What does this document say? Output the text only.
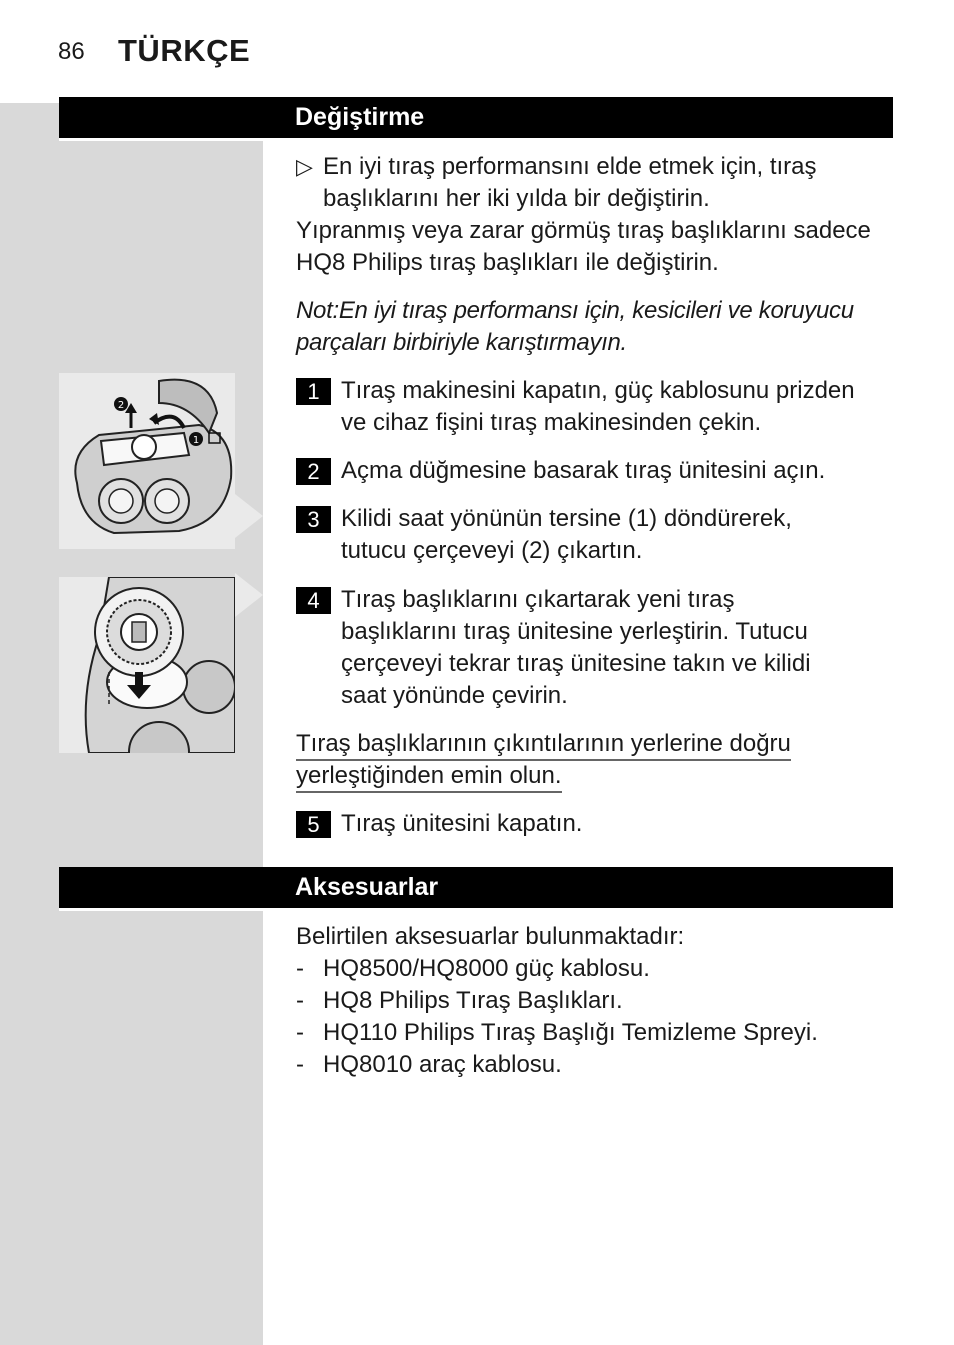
86 TÜRKÇE
Değiştirme
▷ En iyi tıraş performansını elde etmek için, tıraş
başlıklarını her iki yılda bir değiştirin.
Yıpranmış veya zarar görmüş tıraş başlıklarını sadece
HQ8 Philips tıraş başlıkları ile değiştirin.
Not:En iyi tıraş performansı için, kesicileri ve koruyucu
parçaları birbiriyle karıştırmayın.
1 Tıraş makinesini kapatın, güç kablosunu prizden
ve cihaz fişini tıraş makinesinden çekin.
2 Açma düğmesine basarak tıraş ünitesini açın.
3 Kilidi saat yönünün tersine (1) döndürerek,
tutucu çerçeveyi (2) çıkartın.
4 Tıraş başlıklarını çıkartarak yeni tıraş
başlıklarını tıraş ünitesine yerleştirin. Tutucu
çerçeveyi tekrar tıraş ünitesine takın ve kilidi
saat yönünde çevirin.
Tıraş başlıklarının çıkıntılarının yerlerine doğru
yerleştiğinden emin olun.
5 Tıraş ünitesini kapatın.
2
1
Aksesuarlar
Belirtilen aksesuarlar bulunmaktadır:
- HQ8500/HQ8000 güç kablosu.
- HQ8 Philips Tıraş Başlıkları.
- HQ110 Philips Tıraş Başlığı Temizleme Spreyi.
- HQ8010 araç kablosu.
